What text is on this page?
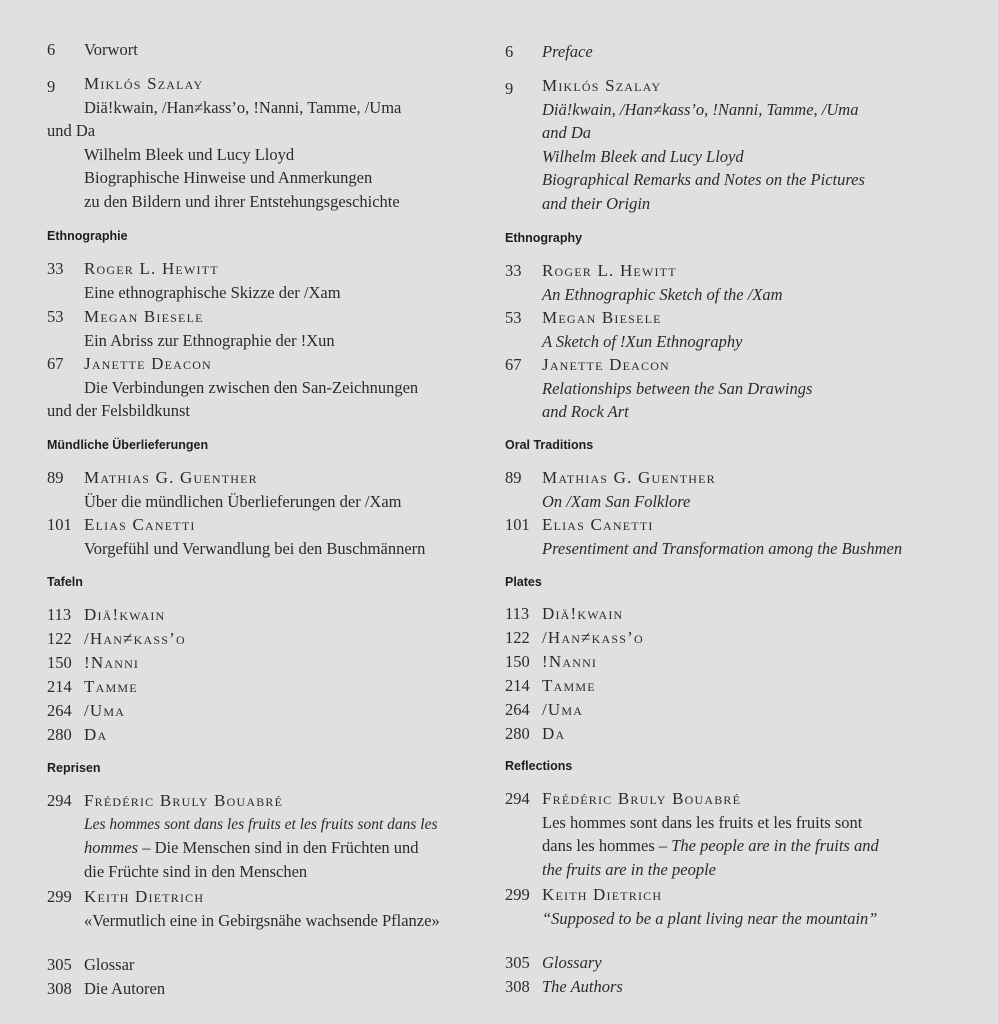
6	Vorwort
9	Miklós Szalay
Diä!kwain, /Han≠kass’o, !Nanni, Tamme, /Uma
und Da
Wilhelm Bleek und Lucy Lloyd
Biographische Hinweise und Anmerkungen
zu den Bildern und ihrer Entstehungsgeschichte
Ethnographie
33	Roger L. Hewitt
Eine ethnographische Skizze der /Xam
53	Megan Biesele
Ein Abriss zur Ethnographie der !Xun
67	Janette Deacon
Die Verbindungen zwischen den San-Zeichnungen
und der Felsbildkunst
Mündliche Überlieferungen
89	Mathias G. Guenther
Über die mündlichen Überlieferungen der /Xam
101 Elias Canetti
Vorgefühl und Verwandlung bei den Buschmännern
Tafeln
113 Diä!kwain
122 /Han≠kass’o
150 !Nanni
214 Tamme
264 /Uma
280 Da
Reprisen
294 Frédéric Bruly Bouabré
Les hommes sont dans les fruits et les fruits sont dans les
hommes – Die Menschen sind in den Früchten und
die Früchte sind in den Menschen
299 Keith Dietrich
«Vermutlich eine in Gebirgsnähe wachsende Pflanze»
305 Glossar
308 Die Autoren
6	Preface
9	Miklós Szalay
Diä!kwain, /Han≠kass’o, !Nanni, Tamme, /Uma
and Da
Wilhelm Bleek and Lucy Lloyd
Biographical Remarks and Notes on the Pictures
and their Origin
Ethnography
33	Roger L. Hewitt
An Ethnographic Sketch of the /Xam
53	Megan Biesele
A Sketch of !Xun Ethnography
67	Janette Deacon
Relationships between the San Drawings
and Rock Art
Oral Traditions
89	Mathias G. Guenther
On /Xam San Folklore
101 Elias Canetti
Presentiment and Transformation among the Bushmen
Plates
113 Diä!kwain
122 /Han≠kass’o
150 !Nanni
214 Tamme
264 /Uma
280 Da
Reflections
294 Frédéric Bruly Bouabré
Les hommes sont dans les fruits et les fruits sont
dans les hommes – The people are in the fruits and
the fruits are in the people
299 Keith Dietrich
“Supposed to be a plant living near the mountain”
305 Glossary
308 The Authors
